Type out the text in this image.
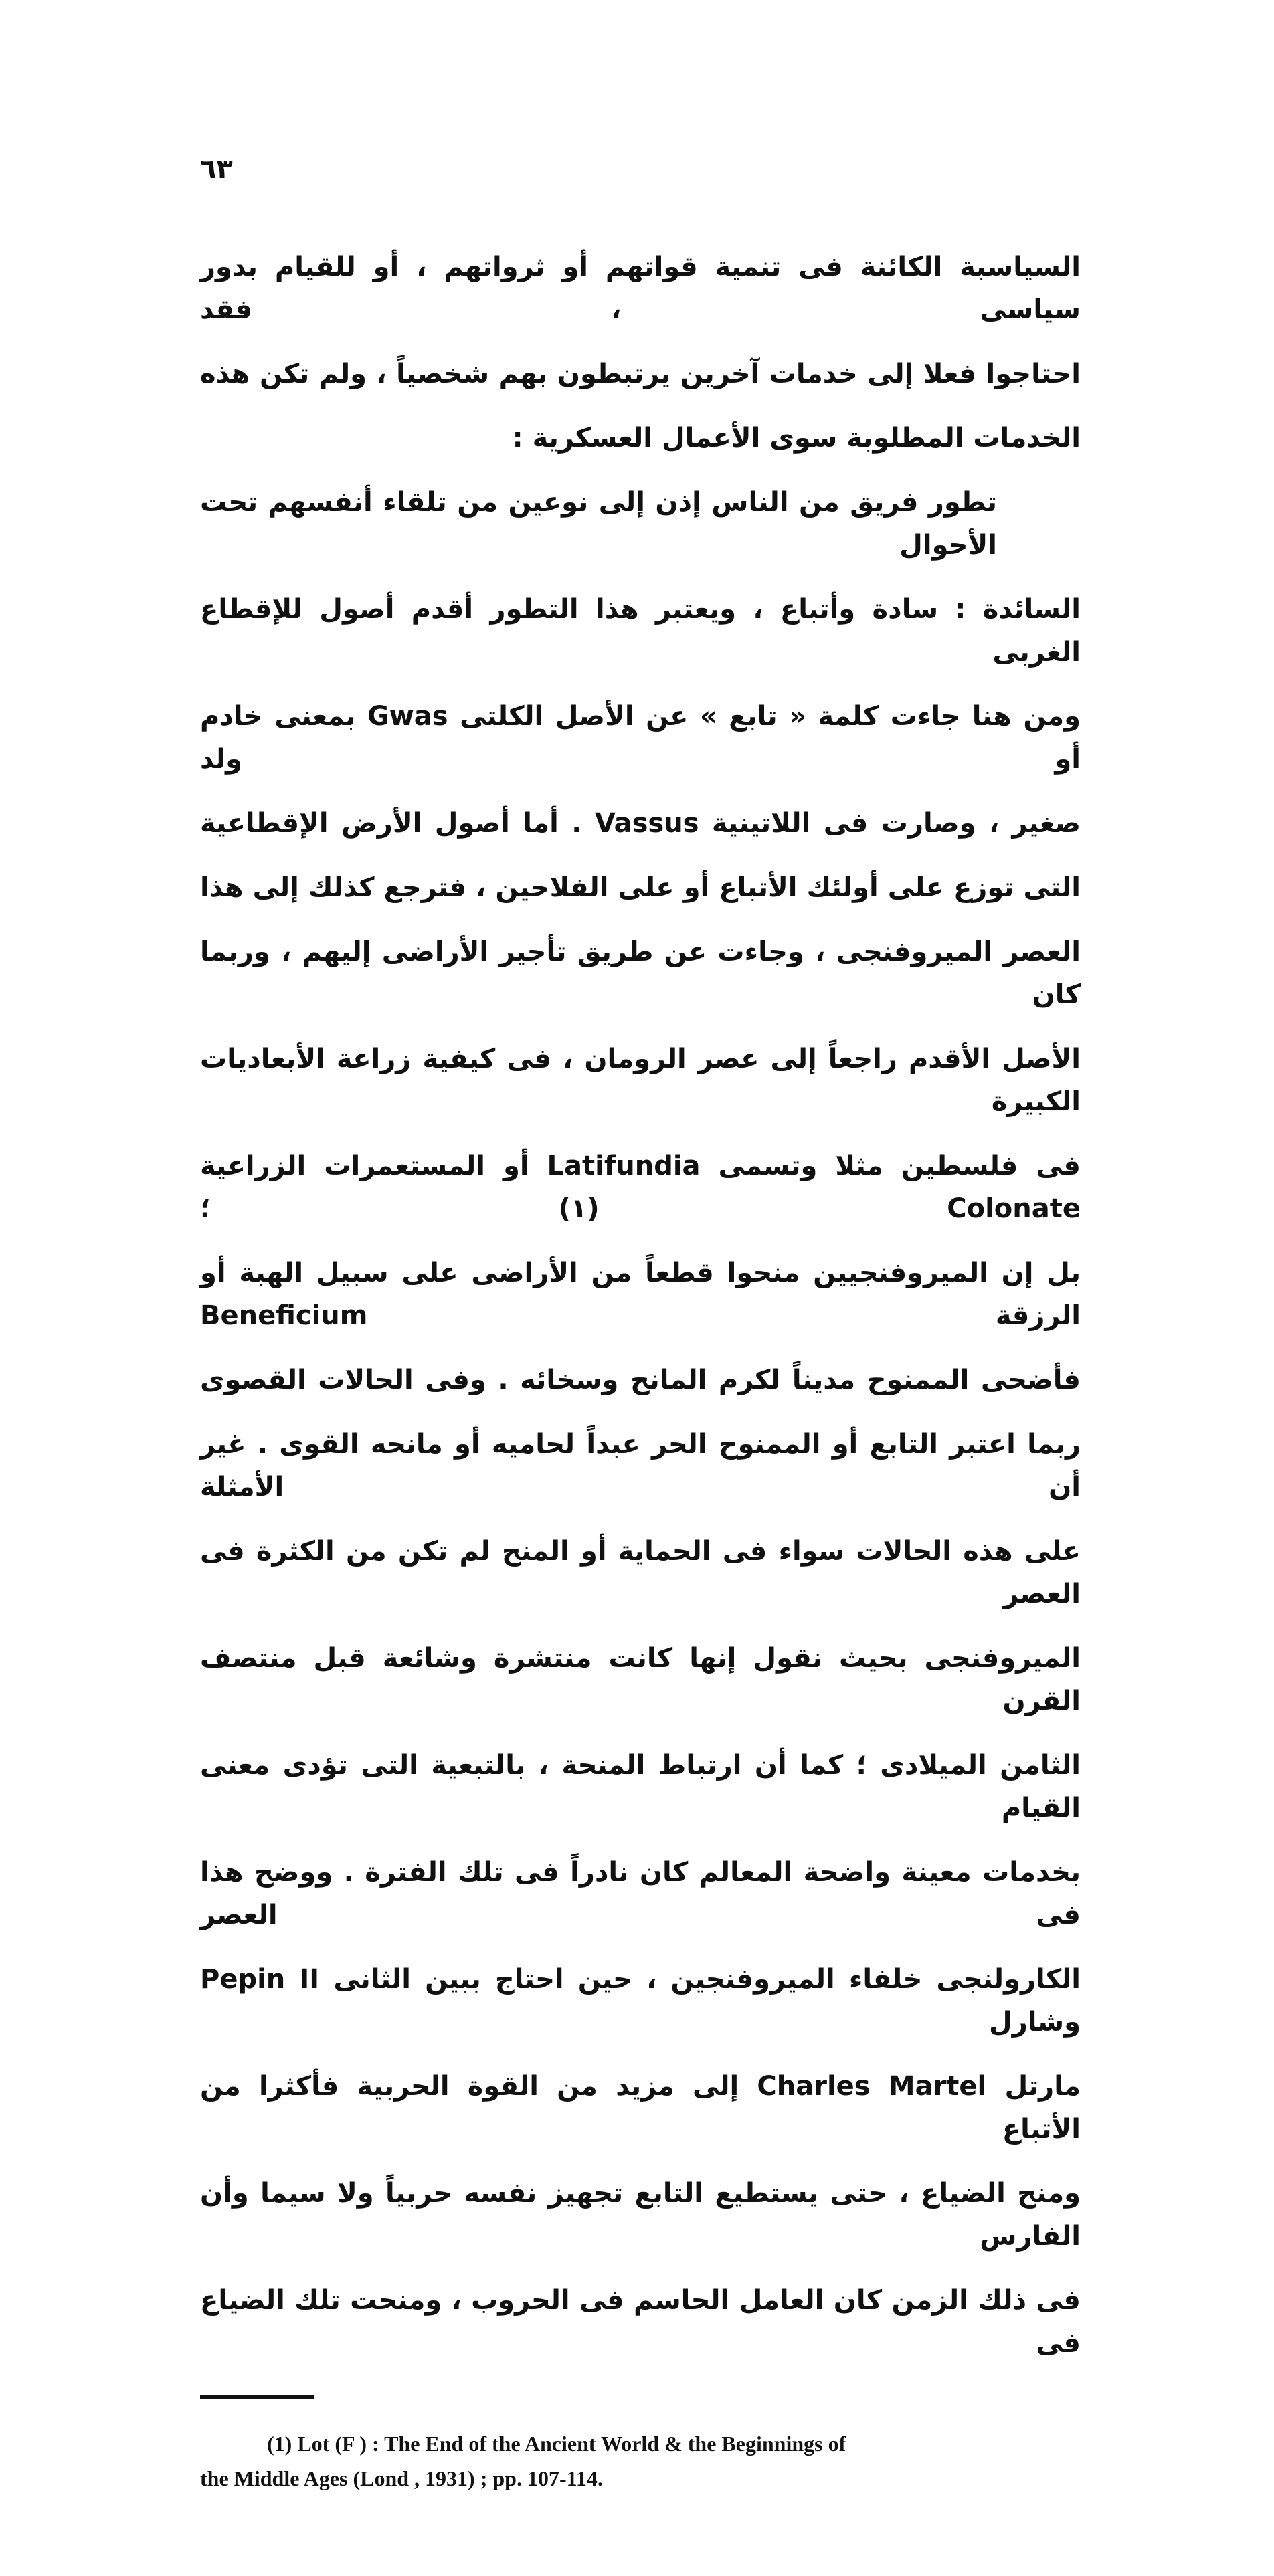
٦٣
السياسبة الكائنة فى تنمية قواتهم أو ثرواتهم ، أو للقيام بدور سياسى ، فقد
احتاجوا فعلا إلى خدمات آخرين يرتبطون بهم شخصياً ، ولم تكن هذه
الخدمات المطلوبة سوى الأعمال العسكرية :
تطور فريق من الناس إذن إلى نوعين من تلقاء أنفسهم تحت الأحوال
السائدة : سادة وأتباع ، ويعتبر هذا التطور أقدم أصول للإقطاع الغربى
ومن هنا جاءت كلمة « تابع » عن الأصل الكلتى Gwas بمعنى خادم أو ولد
صغير ، وصارت فى اللاتينية Vassus . أما أصول الأرض الإقطاعية
التى توزع على أولئك الأتباع أو على الفلاحين ، فترجع كذلك إلى هذا
العصر الميروفنجى ، وجاءت عن طريق تأجير الأراضى إليهم ، وربما كان
الأصل الأقدم راجعاً إلى عصر الرومان ، فى كيفية زراعة الأبعاديات الكبيرة
فى فلسطين مثلا وتسمى Latifundia أو المستعمرات الزراعية Colonate (١) ؛
بل إن الميروفنجيين منحوا قطعاً من الأراضى على سبيل الهبة أو الرزقة Beneficium
فأضحى الممنوح مديناً لكرم المانح وسخائه . وفى الحالات القصوى
ربما اعتبر التابع أو الممنوح الحر عبداً لحاميه أو مانحه القوى . غير أن الأمثلة
على هذه الحالات سواء فى الحماية أو المنح لم تكن من الكثرة فى العصر
الميروفنجى بحيث نقول إنها كانت منتشرة وشائعة قبل منتصف القرن
الثامن الميلادى ؛ كما أن ارتباط المنحة ، بالتبعية التى تؤدى معنى القيام
بخدمات معينة واضحة المعالم كان نادراً فى تلك الفترة . ووضح هذا فى العصر
الكارولنجى خلفاء الميروفنجين ، حين احتاج ببين الثانى Pepin II وشارل
مارتل Charles Martel إلى مزيد من القوة الحربية فأكثرا من الأتباع
ومنح الضياع ، حتى يستطيع التابع تجهيز نفسه حربياً ولا سيما وأن الفارس
فى ذلك الزمن كان العامل الحاسم فى الحروب ، ومنحت تلك الضياع فى
(1) Lot (F ) : The End of the Ancient World & the Beginnings of
the Middle Ages (Lond , 1931) ; pp. 107-114.
